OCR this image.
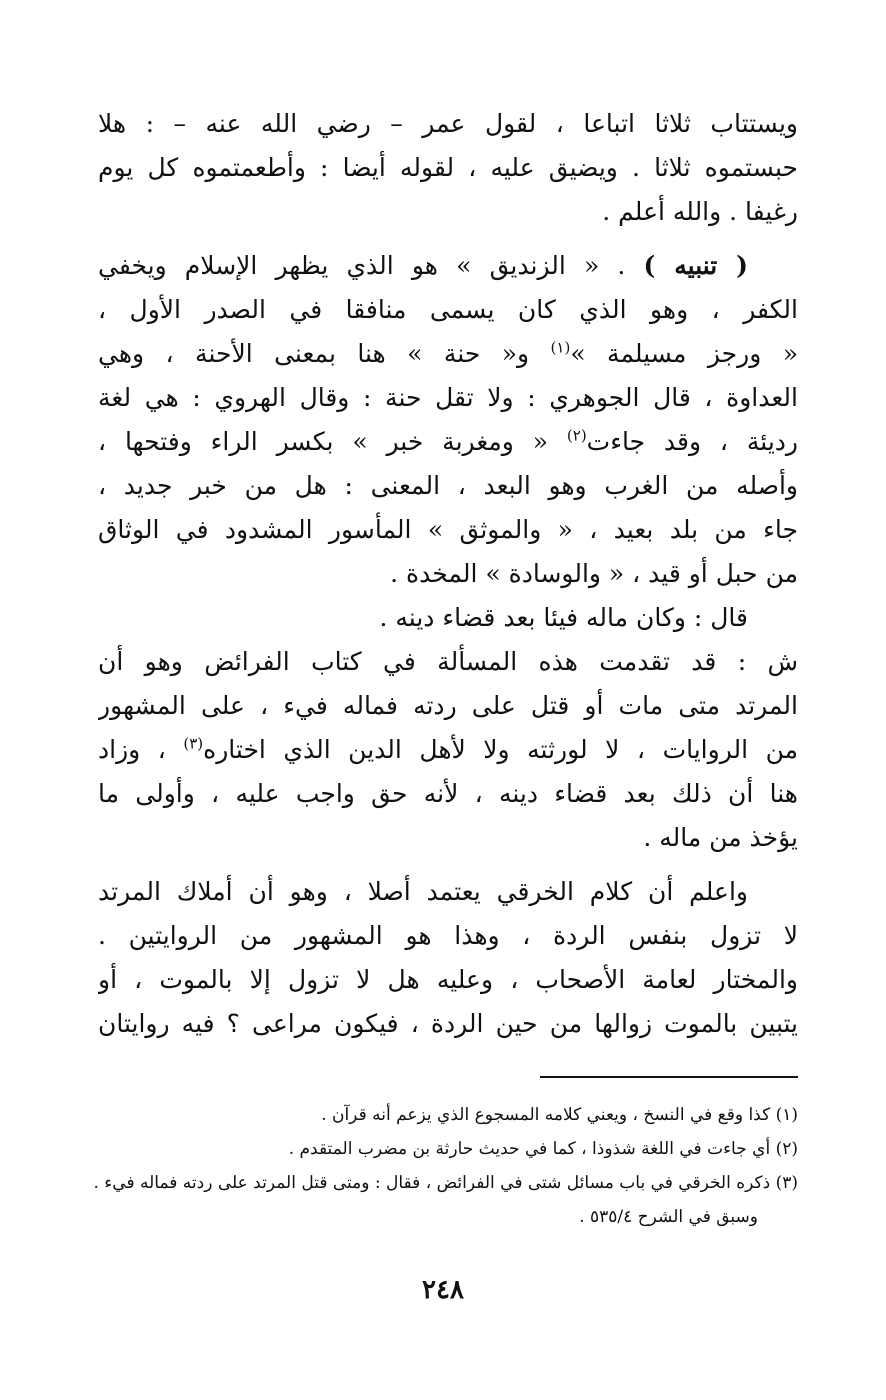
ويستتاب ثلاثا اتباعا ، لقول عمر – رضي الله عنه – : هلا
حبستموه ثلاثا . ويضيق عليه ، لقوله أيضا : وأطعمتموه كل يوم
رغيفا . والله أعلم .
( تنبيه ) . « الزنديق » هو الذي يظهر الإسلام ويخفي
الكفر ، وهو الذي كان يسمى منافقا في الصدر الأول ،
« ورجز مسيلمة »$^{(١)}$ و« حنة » هنا بمعنى الأحنة ، وهي
العداوة ، قال الجوهري : ولا تقل حنة : وقال الهروي : هي لغة
رديئة ، وقد جاءت$^{(٢)}$ « ومغربة خبر » بكسر الراء وفتحها ،
وأصله من الغرب وهو البعد ، المعنى : هل من خبر جديد ،
جاء من بلد بعيد ، « والموثق » المأسور المشدود في الوثاق
من حبل أو قيد ، « والوسادة » المخدة .
قال : وكان ماله فيئا بعد قضاء دينه .
ش : قد تقدمت هذه المسألة في كتاب الفرائض وهو أن
المرتد متى مات أو قتل على ردته فماله فيء ، على المشهور
من الروايات ، لا لورثته ولا لأهل الدين الذي اختاره$^{(٣)}$ ، وزاد
هنا أن ذلك بعد قضاء دينه ، لأنه حق واجب عليه ، وأولى ما
يؤخذ من ماله .
واعلم أن كلام الخرقي يعتمد أصلا ، وهو أن أملاك المرتد
لا تزول بنفس الردة ، وهذا هو المشهور من الروايتين .
والمختار لعامة الأصحاب ، وعليه هل لا تزول إلا بالموت ، أو
يتبين بالموت زوالها من حين الردة ، فيكون مراعى ؟ فيه روايتان
(١) كذا وقع في النسخ ، ويعني كلامه المسجوع الذي يزعم أنه قرآن .
(٢) أي جاءت في اللغة شذوذا ، كما في حديث حارثة بن مضرب المتقدم .
(٣) ذكره الخرقي في باب مسائل شتى في الفرائض ، فقال : ومتى قتل المرتد على ردته فماله فيء .
وسبق في الشرح ٥٣٥/٤ .
٢٤٨
